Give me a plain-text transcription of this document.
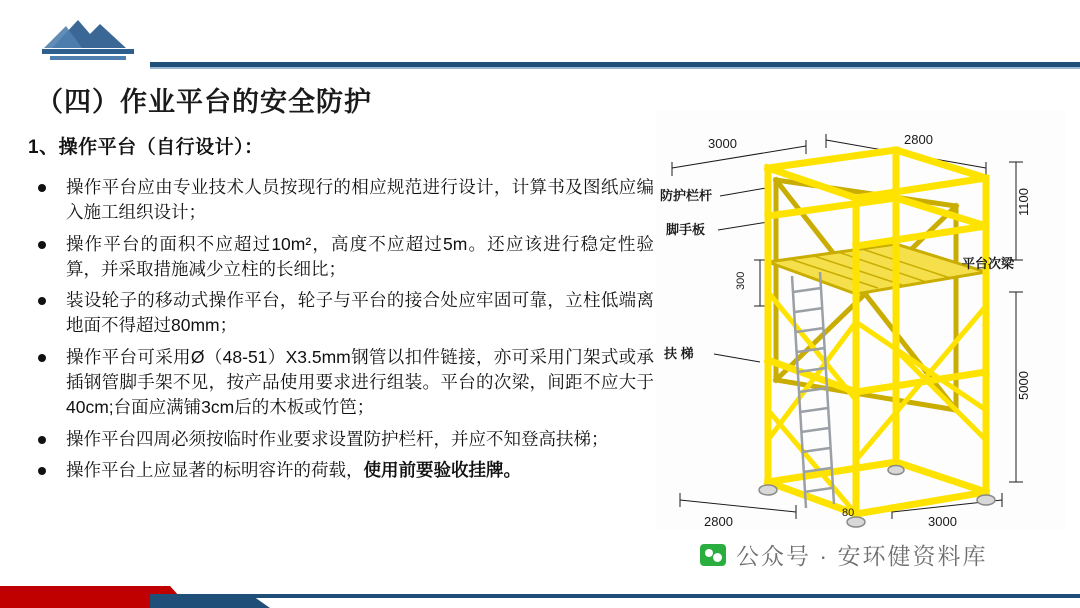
（四）作业平台的安全防护
1、操作平台（自行设计）：
操作平台应由专业技术人员按现行的相应规范进行设计，计算书及图纸应编入施工组织设计；
操作平台的面积不应超过10m²，高度不应超过5m。还应该进行稳定性验算，并采取措施减少立柱的长细比；
装设轮子的移动式操作平台，轮子与平台的接合处应牢固可靠，立柱低端离地面不得超过80mm；
操作平台可采用Ø（48-51）X3.5mm钢管以扣件链接，亦可采用门架式或承插钢管脚手架不见，按产品使用要求进行组装。平台的次梁，间距不应大于40cm;台面应满铺3cm后的木板或竹笆；
操作平台四周必须按临时作业要求设置防护栏杆，并应不知登高扶梯；
操作平台上应显著的标明容许的荷载，使用前要验收挂牌。
3000	2800
1100
5000
2800	3000
300
80
防护栏杆
脚手板
平台次梁
扶 梯
公众号 · 安环健资料库
